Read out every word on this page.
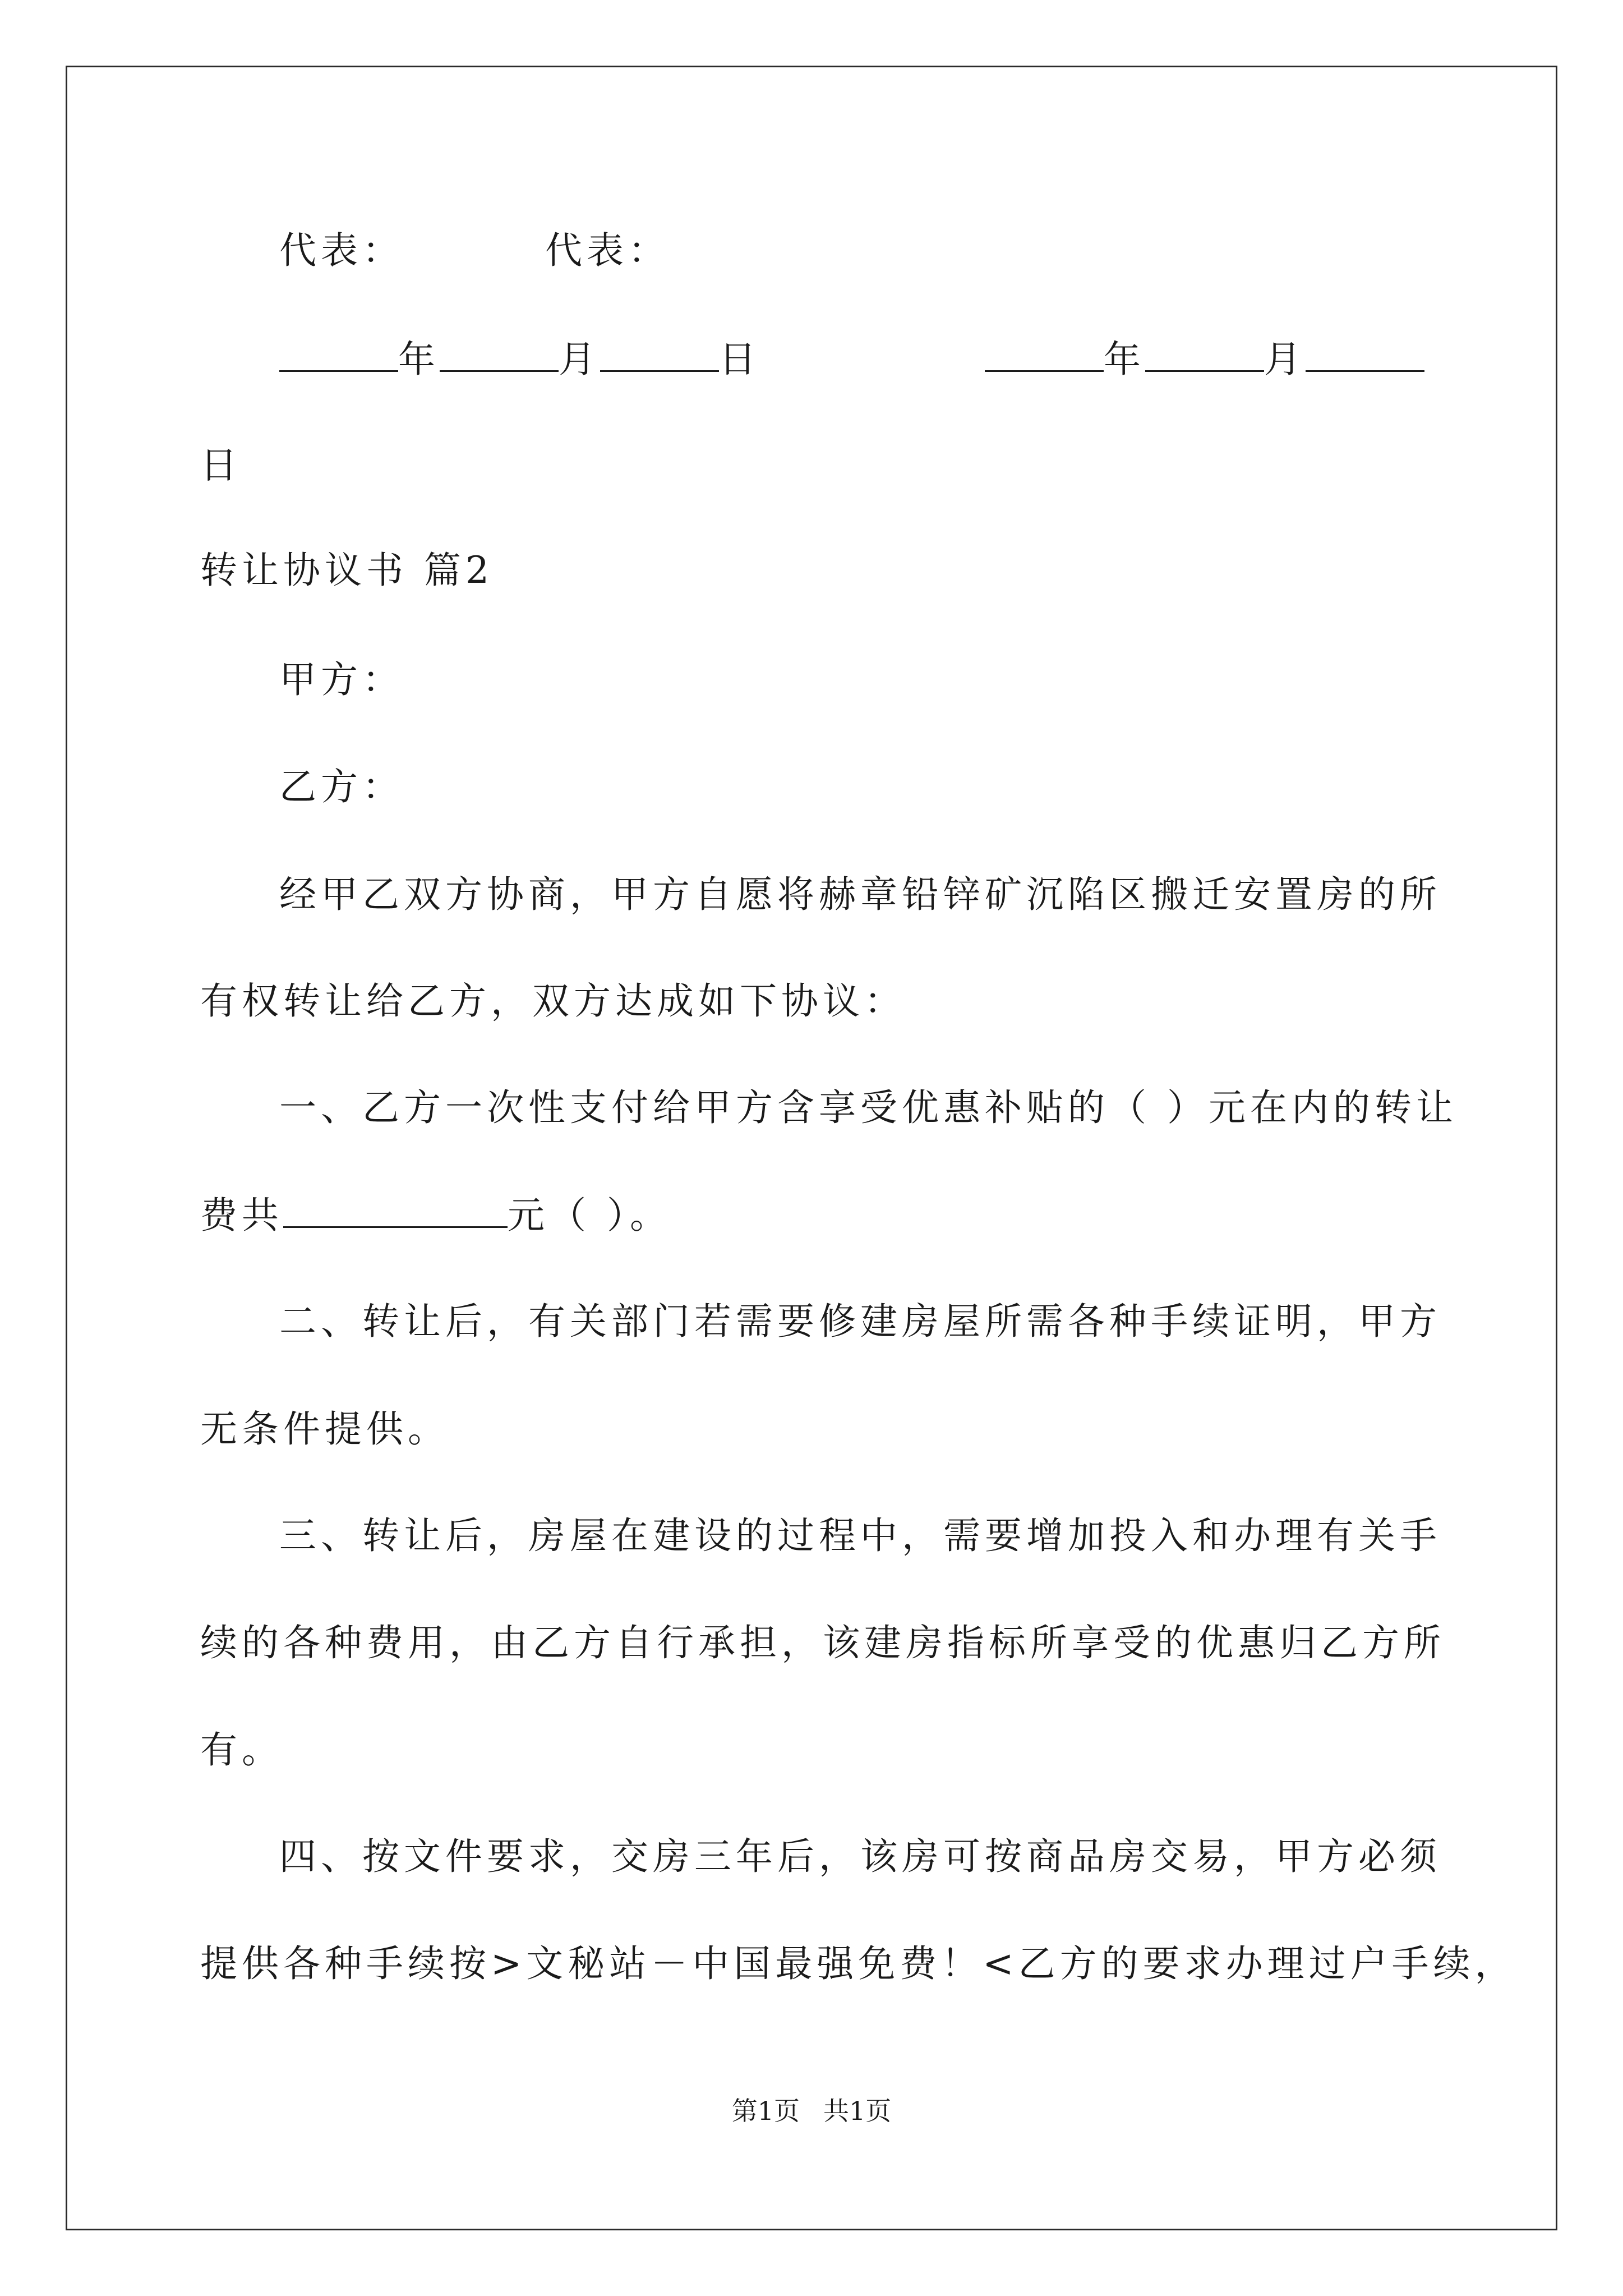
代表：	代表：
年	月	日	年	月
日
转让协议书 篇2
甲方：
乙方：
经甲乙双方协商，甲方自愿将赫章铅锌矿沉陷区搬迁安置房的所
有权转让给乙方，双方达成如下协议：
一、乙方一次性支付给甲方含享受优惠补贴的（ ）元在内的转让
费共	元（ ）。
二、转让后，有关部门若需要修建房屋所需各种手续证明，甲方
无条件提供。
三、转让后，房屋在建设的过程中，需要增加投入和办理有关手
续的各种费用，由乙方自行承担，该建房指标所享受的优惠归乙方所
有。
四、按文件要求，交房三年后，该房可按商品房交易，甲方必须
提供各种手续按>文秘站－中国最强免费！<乙方的要求办理过户手续，
第1页 共1页
